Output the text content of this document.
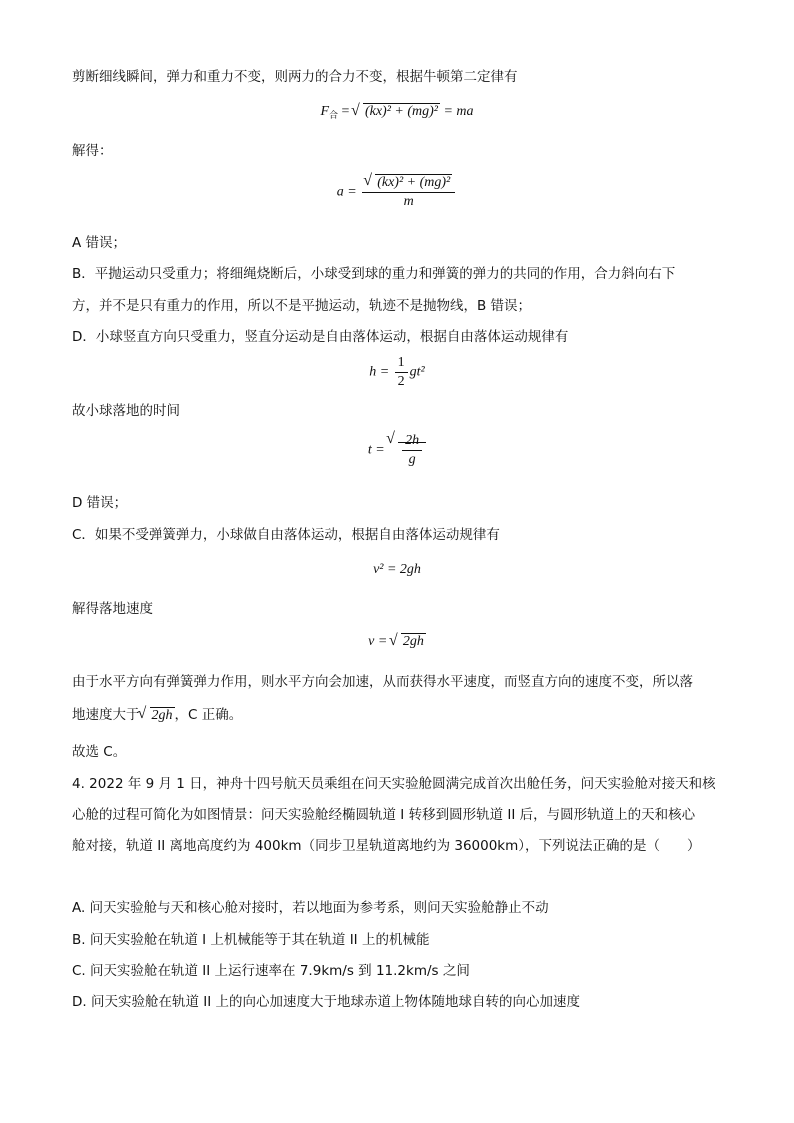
剪断细线瞬间，弹力和重力不变，则两力的合力不变，根据牛顿第二定律有
$F_合$ = √ (kx)² + (mg)² = ma
解得：
a = √ $\frac{\text{(kx)² + (mg)²}}{m}$
A 错误；
B．平抛运动只受重力；将细绳烧断后，小球受到球的重力和弹簧的弹力的共同的作用，合力斜向右下
方，并不是只有重力的作用，所以不是平抛运动，轨迹不是抛物线，B 错误；
D．小球竖直方向只受重力，竖直分运动是自由落体运动，根据自由落体运动规律有
$h = \frac{1}{2} gt^2$
故小球落地的时间
t = √ $\frac{2h}{g}$
D 错误；
C．如果不受弹簧弹力，小球做自由落体运动，根据自由落体运动规律有
v² = 2gh
解得落地速度
v = √ 2gh
由于水平方向有弹簧弹力作用，则水平方向会加速，从而获得水平速度，而竖直方向的速度不变，所以落
地速度大于 √ 2gh ，C 正确。
故选 C。
4. 2022 年 9 月 1 日，神舟十四号航天员乘组在问天实验舱圆满完成首次出舱任务，问天实验舱对接天和核
心舱的过程可简化为如图情景：问天实验舱经椭圆轨道 I 转移到圆形轨道 II 后，与圆形轨道上的天和核心
舱对接，轨道 II 离地高度约为 400km（同步卫星轨道离地约为 36000km），下列说法正确的是（　　）
A. 问天实验舱与天和核心舱对接时，若以地面为参考系，则问天实验舱静止不动
B. 问天实验舱在轨道 I 上机械能等于其在轨道 II 上的机械能
C. 问天实验舱在轨道 II 上运行速率在 7.9km/s 到 11.2km/s 之间
D. 问天实验舱在轨道 II 上的向心加速度大于地球赤道上物体随地球自转的向心加速度
